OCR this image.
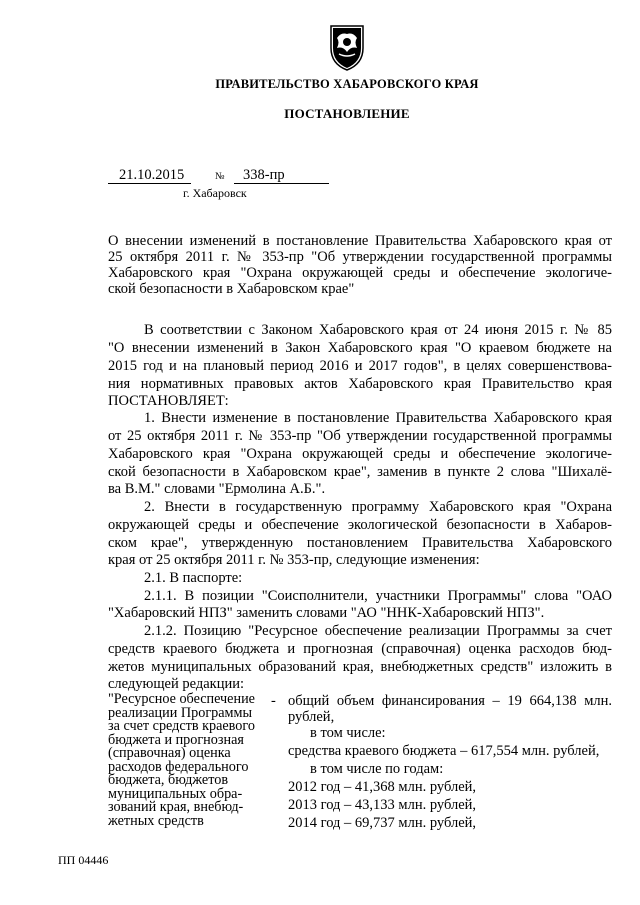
ПРАВИТЕЛЬСТВО ХАБАРОВСКОГО КРАЯ
ПОСТАНОВЛЕНИЕ
21.10.2015	№ 338-пр
г. Хабаровск
О внесении изменений в постановление Правительства Хабаровского края от
25 октября 2011 г. № 353-пр "Об утверждении государственной программы
Хабаровского края "Охрана окружающей среды и обеспечение экологиче-
ской безопасности в Хабаровском крае"
В соответствии с Законом Хабаровского края от 24 июня 2015 г. № 85
"О внесении изменений в Закон Хабаровского края "О краевом бюджете на
2015 год и на плановый период 2016 и 2017 годов", в целях совершенствова-
ния нормативных правовых актов Хабаровского края Правительство края
ПОСТАНОВЛЯЕТ:
1. Внести изменение в постановление Правительства Хабаровского края
от 25 октября 2011 г. № 353-пр "Об утверждении государственной программы
Хабаровского края "Охрана окружающей среды и обеспечение экологиче-
ской безопасности в Хабаровском крае", заменив в пункте 2 слова "Шихалё-
ва В.М." словами "Ермолина А.Б.".
2. Внести в государственную программу Хабаровского края "Охрана
окружающей среды и обеспечение экологической безопасности в Хабаров-
ском крае", утвержденную постановлением Правительства Хабаровского
края от 25 октября 2011 г. № 353-пр, следующие изменения:
2.1. В паспорте:
2.1.1. В позиции "Соисполнители, участники Программы" слова "ОАО
"Хабаровский НПЗ" заменить словами "АО "ННК-Хабаровский НПЗ".
2.1.2. Позицию "Ресурсное обеспечение реализации Программы за счет
средств краевого бюджета и прогнозная (справочная) оценка расходов бюд-
жетов муниципальных образований края, внебюджетных средств" изложить в
следующей редакции:
"Ресурсное обеспечение
реализации Программы
за счет средств краевого
бюджета и прогнозная
(справочная) оценка
расходов федерального
бюджета, бюджетов
муниципальных обра-
зований края, внебюд-
жетных средств
- общий объем финансирования – 19 664,138 млн.
рублей,
в том числе:
средства краевого бюджета – 617,554 млн. рублей,
в том числе по годам:
2012 год – 41,368 млн. рублей,
2013 год – 43,133 млн. рублей,
2014 год – 69,737 млн. рублей,
ПП 04446
